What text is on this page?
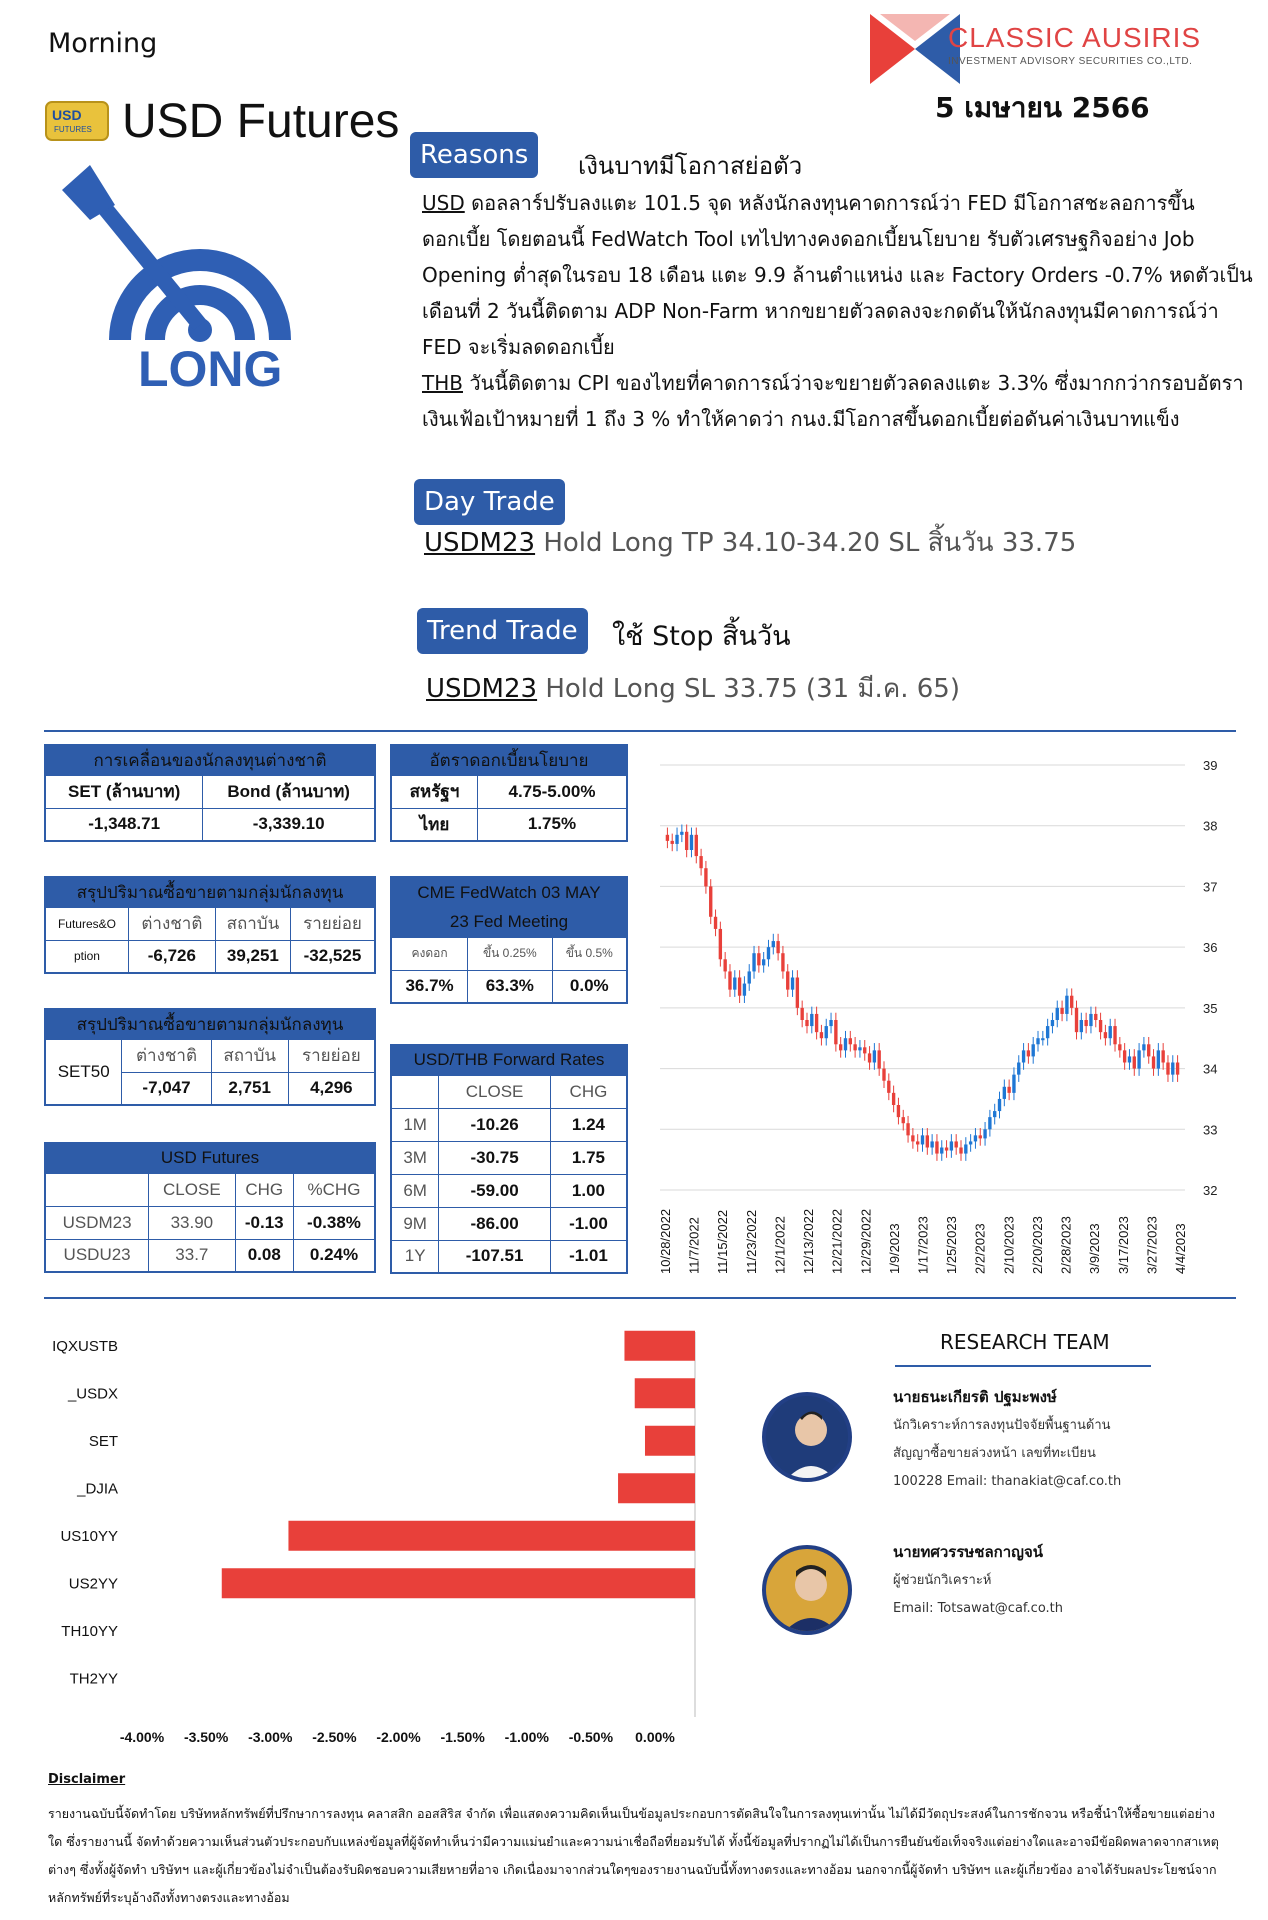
Morning
USD
FUTURES USD Futures
CLASSIC AUSIRIS
INVESTMENT ADVISORY SECURITIES CO.,LTD.
5 เมษายน 2566
LONG
Reasons	เงินบาทมีโอกาสย่อตัว
USD ดอลลาร์ปรับลงแตะ 101.5 จุด หลังนักลงทุนคาดการณ์ว่า FED มีโอกาสชะลอการขึ้นดอกเบี้ย โดยตอนนี้ FedWatch Tool เทไปทางคงดอกเบี้ยนโยบาย รับตัวเศรษฐกิจอย่าง Job Opening ต่ำสุดในรอบ 18 เดือน แตะ 9.9 ล้านตำแหน่ง และ Factory Orders -0.7% หดตัวเป็นเดือนที่ 2 วันนี้ติดตาม ADP Non-Farm หากขยายตัวลดลงจะกดดันให้นักลงทุนมีคาดการณ์ว่า FED จะเริ่มลดดอกเบี้ย
THB วันนี้ติดตาม CPI ของไทยที่คาดการณ์ว่าจะขยายตัวลดลงแตะ 3.3% ซึ่งมากกว่ากรอบอัตราเงินเฟ้อเป้าหมายที่ 1 ถึง 3 % ทำให้คาดว่า กนง.มีโอกาสขึ้นดอกเบี้ยต่อดันค่าเงินบาทแข็ง
Day Trade
USDM23 Hold Long TP 34.10-34.20 SL สิ้นวัน 33.75
Trend Trade	ใช้ Stop สิ้นวัน
USDM23 Hold Long SL 33.75 (31 มี.ค. 65)
การเคลื่อนของนักลงทุนต่างชาติ	
SET (ล้านบาท)	Bond (ล้านบาท)
-1,348.71	-3,339.10
อัตราดอกเบี้ยนโยบาย	
สหรัฐฯ	4.75-5.00%
ไทย	1.75%
สรุปปริมาณซื้อขายตามกลุ่มนักลงทุน			
Futures&O	ต่างชาติ	สถาบัน	รายย่อย
ption	-6,726	39,251	-32,525
CME FedWatch 03 MAY		
23 Fed Meeting		
คงดอก	ขึ้น 0.25%	ขึ้น 0.5%
36.7%	63.3%	0.0%
สรุปปริมาณซื้อขายตามกลุ่มนักลงทุน			
SET50	ต่างชาติ	สถาบัน	รายย่อย
	-7,047	2,751	4,296
USD/THB Forward Rates		
	CLOSE	CHG
1M	-10.26	1.24
3M	-30.75	1.75
6M	-59.00	1.00
9M	-86.00	-1.00
1Y	-107.51	-1.01
USD Futures			
	CLOSE	CHG	%CHG
USDM23	33.90	-0.13	-0.38%
USDU23	33.7	0.08	0.24%
39
38
37
36
35
34
33
32
10/28/2022 11/7/2022 11/15/2022 11/23/2022 12/1/2022 12/13/2022 12/21/2022 12/29/2022 1/9/2023 1/17/2023 1/25/2023 2/2/2023 2/10/2023 2/20/2023 2/28/2023 3/9/2023 3/17/2023 3/27/2023 4/4/2023
IQXUSTB
_USDX
SET
_DJIA
US10YY
US2YY
TH10YY
TH2YY
-4.00% -3.50% -3.00% -2.50% -2.00% -1.50% -1.00% -0.50% 0.00%
RESEARCH TEAM
นายธนะเกียรติ ปฐมะพงษ์
นักวิเคราะห์การลงทุนปัจจัยพื้นฐานด้าน
สัญญาซื้อขายล่วงหน้า เลขที่ทะเบียน
100228 Email: thanakiat@caf.co.th
นายทศวรรษชลกาญจน์
ผู้ช่วยนักวิเคราะห์
Email: Totsawat@caf.co.th
Disclaimer
รายงานฉบับนี้จัดทำโดย บริษัทหลักทรัพย์ที่ปรึกษาการลงทุน คลาสสิก ออสสิริส จำกัด เพื่อแสดงความคิดเห็นเป็นข้อมูลประกอบการตัดสินใจในการลงทุนเท่านั้น ไม่ได้มีวัตถุประสงค์ในการชักจวน หรือชี้นำให้ซื้อขายแต่อย่างใด ซึ่งรายงานนี้ จัดทำด้วยความเห็นส่วนตัวประกอบกับแหล่งข้อมูลที่ผู้จัดทำเห็นว่ามีความแม่นยำและความน่าเชื่อถือที่ยอมรับได้ ทั้งนี้ข้อมูลที่ปรากฏไม่ได้เป็นการยืนยันข้อเท็จจริงแต่อย่างใดและอาจมีข้อผิดพลาดจากสาเหตุต่างๆ ซึ่งทั้งผู้จัดทำ บริษัทฯ และผู้เกี่ยวข้องไม่จำเป็นต้องรับผิดชอบความเสียหายที่อาจ เกิดเนื่องมาจากส่วนใดๆของรายงานฉบับนี้ทั้งทางตรงและทางอ้อม นอกจากนี้ผู้จัดทำ บริษัทฯ และผู้เกี่ยวข้อง อาจได้รับผลประโยชน์จากหลักทรัพย์ที่ระบุอ้างถึงทั้งทางตรงและทางอ้อม
